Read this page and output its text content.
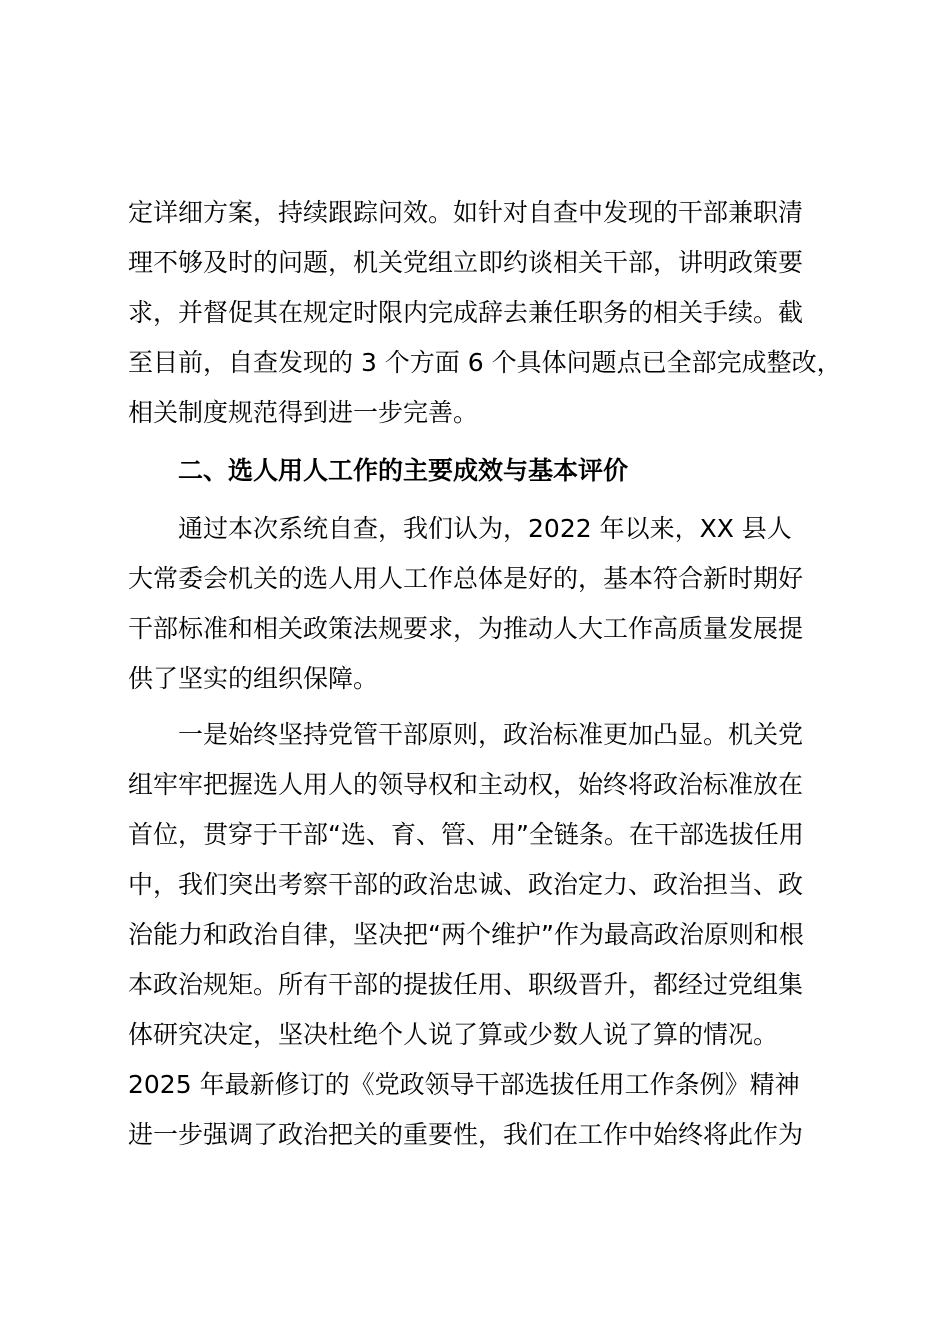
定详细方案，持续跟踪问效。如针对自查中发现的干部兼职清
理不够及时的问题，机关党组立即约谈相关干部，讲明政策要
求，并督促其在规定时限内完成辞去兼任职务的相关手续。截
至目前，自查发现的 3 个方面 6 个具体问题点已全部完成整改，
相关制度规范得到进一步完善。
二、选人用人工作的主要成效与基本评价
通过本次系统自查，我们认为，2022 年以来，XX 县人
大常委会机关的选人用人工作总体是好的，基本符合新时期好
干部标准和相关政策法规要求，为推动人大工作高质量发展提
供了坚实的组织保障。
一是始终坚持党管干部原则，政治标准更加凸显。机关党
组牢牢把握选人用人的领导权和主动权，始终将政治标准放在
首位，贯穿于干部“选、育、管、用”全链条。在干部选拔任用
中，我们突出考察干部的政治忠诚、政治定力、政治担当、政
治能力和政治自律，坚决把“两个维护”作为最高政治原则和根
本政治规矩。所有干部的提拔任用、职级晋升，都经过党组集
体研究决定，坚决杜绝个人说了算或少数人说了算的情况。
2025 年最新修订的《党政领导干部选拔任用工作条例》精神
进一步强调了政治把关的重要性，我们在工作中始终将此作为
